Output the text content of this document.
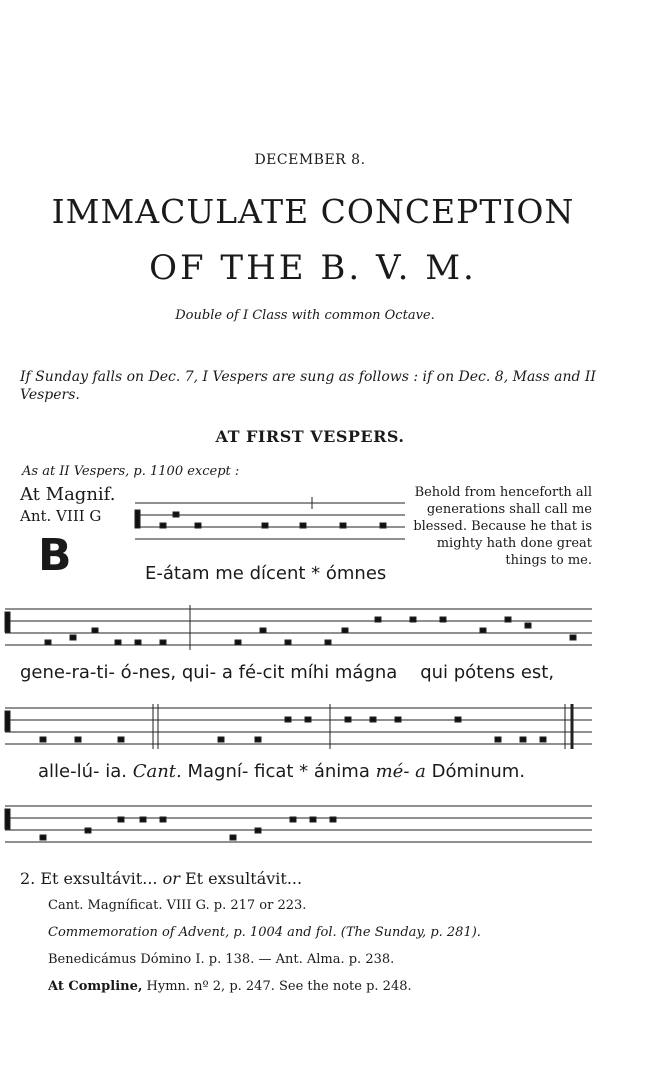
DECEMBER 8.
IMMACULATE CONCEPTION
OF THE B. V. M.
Double of I Class with common Octave.
If Sunday falls on Dec. 7, I Vespers are sung as follows : if on Dec. 8, Mass and II Vespers.
AT FIRST VESPERS.
As at II Vespers, p. 1100 except :
At Magnif.
Ant. VIII G
B
Behold from henceforth all generations shall call me blessed. Because he that is mighty hath done great things to me.
E-átam me dícent * ómnes
gene-ra-ti- ó-nes, qui- a fé-cit míhi mágna    qui pótens est,
alle-lú- ia. Cant. Magní- ficat * ánima mé- a Dóminum.
2. Et exsultávit... or Et exsultávit...
Cant. Magníficat. VIII G. p. 217 or 223.
Commemoration of Advent, p. 1004 and fol. (The Sunday, p. 281).
Benedicámus Dómino I. p. 138. — Ant. Alma. p. 238.
At Compline, Hymn. nº 2, p. 247. See the note p. 248.
